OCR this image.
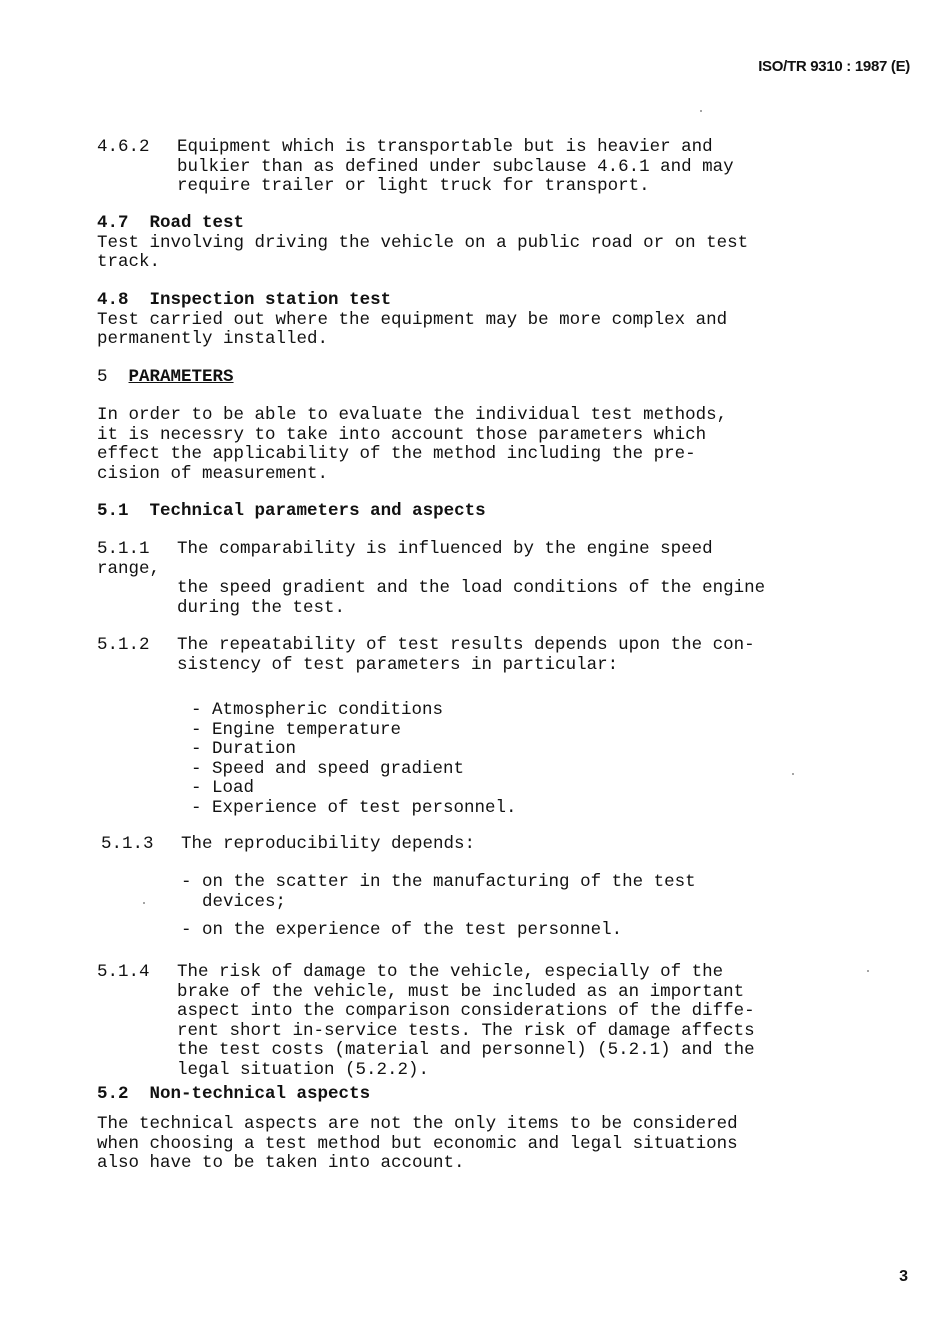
ISO/TR 9310 : 1987 (E)
4.6.2 Equipment which is transportable but is heavier and

bulkier than as defined under subclause 4.6.1 and may
require trailer or light truck for transport.
4.7 Road test
Test involving driving the vehicle on a public road or on test
track.
4.8 Inspection station test
Test carried out where the equipment may be more complex and
permanently installed.
5 PARAMETERS
In order to be able to evaluate the individual test methods,
it is necessry to take into account those parameters which
effect the applicability of the method including the pre-
cision of measurement.
5.1 Technical parameters and aspects
5.1.1 The comparability is influenced by the engine speed

range,
the speed gradient and the load conditions of the engine
during the test.
5.1.2 The repeatability of test results depends upon the con-

sistency of test parameters in particular:
- Atmospheric conditions
- Engine temperature
- Duration
- Speed and speed gradient
- Load
- Experience of test personnel.
5.1.3 The reproducibility depends:
- on the scatter in the manufacturing of the test
devices;
- on the experience of the test personnel.
5.1.4 The risk of damage to the vehicle, especially of the

brake of the vehicle, must be included as an important
aspect into the comparison considerations of the diffe-
rent short in-service tests. The risk of damage affects
the test costs (material and personnel) (5.2.1) and the
legal situation (5.2.2).
5.2 Non-technical aspects
The technical aspects are not the only items to be considered
when choosing a test method but economic and legal situations
also have to be taken into account.
3
